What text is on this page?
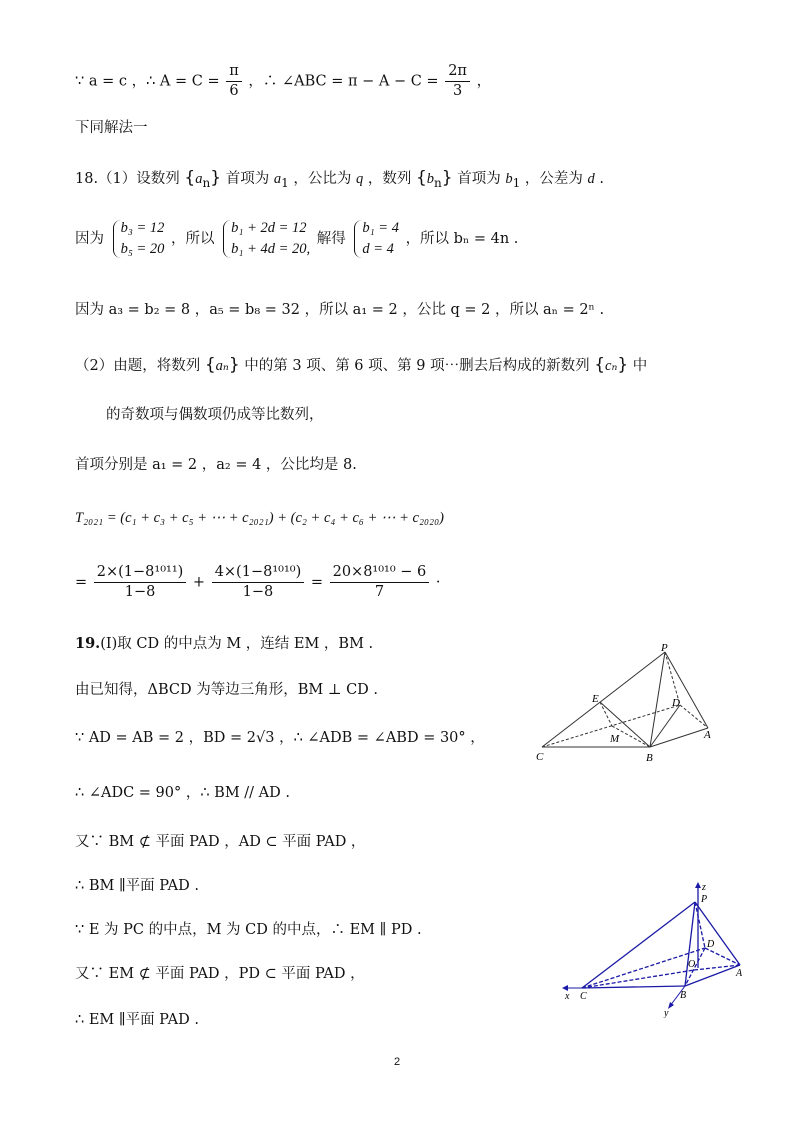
∵ a = c ，∴ $A = C = \frac{\pi}{6}$ ，∴ ∠ABC = $\pi - A - C = \frac{2\pi}{3}$ ，
下同解法一
18.（1）设数列 $\{a_n\}$ 首项为 $a_1$ ，公比为 q ，数列 $\{b_n\}$ 首项为 $b_1$ ，公差为 d .
因为
b₃ = 12
b₅ = 20
，所以
b₁ + 2d = 12
b₁ + 4d = 20,
解得
b₁ = 4
d = 4
，所以 bₙ = 4n .
因为 a₃ = b₂ = 8 ，a₅ = b₈ = 32 ，所以 a₁ = 2 ，公比 q = 2 ，所以 aₙ = 2ⁿ .
（2）由题，将数列 {aₙ} 中的第 3 项、第 6 项、第 9 项⋯删去后构成的新数列 {cₙ} 中
的奇数项与偶数项仍成等比数列，
首项分别是 a₁ = 2 ，a₂ = 4 ，公比均是 8.
T₂₀₂₁ = (c₁ + c₃ + c₅ + ⋯ + c₂₀₂₁) + (c₂ + c₄ + c₆ + ⋯ + c₂₀₂₀)
= $\frac{\text{2×(1−8¹⁰¹¹)}}{1-8} + \frac{\text{4×(1−8¹⁰¹⁰)}}{1-8} = \frac{\text{20×8¹⁰¹⁰ − 6}}{7}$ ·
19.(Ⅰ)取 CD 的中点为 M ，连结 EM ，BM .
由已知得，ΔBCD 为等边三角形，BM ⊥ CD .
∵ AD = AB = 2 ，BD = 2√3 ，∴ ∠ADB = ∠ABD = 30° ，
∴ ∠ADC = 90° ，∴ BM // AD .
又∵ BM ⊄ 平面 PAD ，AD ⊂ 平面 PAD ，
∴ BM ∥平面 PAD .
∵ E 为 PC 的中点，M 为 CD 的中点，∴ EM ∥ PD .
又∵ EM ⊄ 平面 PAD ，PD ⊂ 平面 PAD ，
∴ EM ∥平面 PAD .
P
E	D
M	A
C	B
z
P
D
O
A
x C	B
y
2
